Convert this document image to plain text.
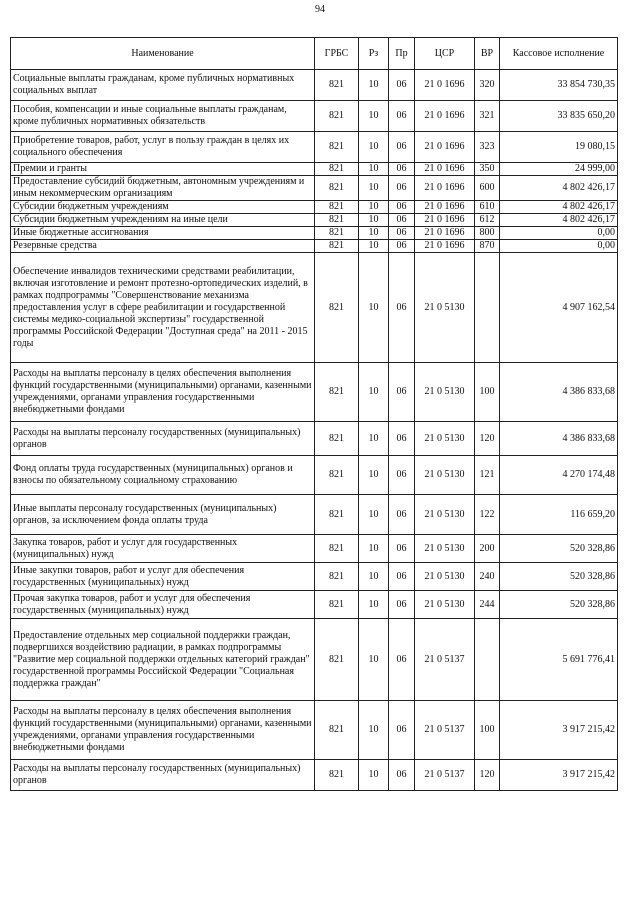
94
Наименование	ГРБС	Рз	Пр	ЦСР	ВР	Кассовое исполнение
Социальные выплаты гражданам, кроме публичных нормативных социальных выплат	821	10	06	21 0 1696	320	33 854 730,35
Пособия, компенсации и иные социальные выплаты гражданам, кроме публичных нормативных обязательств	821	10	06	21 0 1696	321	33 835 650,20
Приобретение товаров, работ, услуг в пользу граждан в целях их социального обеспечения	821	10	06	21 0 1696	323	19 080,15
Премии и гранты	821	10	06	21 0 1696	350	24 999,00
Предоставление субсидий бюджетным, автономным учреждениям и иным некоммерческим организациям	821	10	06	21 0 1696	600	4 802 426,17
Субсидии бюджетным учреждениям	821	10	06	21 0 1696	610	4 802 426,17
Субсидии бюджетным учреждениям на иные цели	821	10	06	21 0 1696	612	4 802 426,17
Иные бюджетные ассигнования	821	10	06	21 0 1696	800	0,00
Резервные средства	821	10	06	21 0 1696	870	0,00
Обеспечение инвалидов техническими средствами реабилитации, включая изготовление и ремонт протезно-ортопедических изделий, в рамках подпрограммы "Совершенствование механизма предоставления услуг в сфере реабилитации и государственной системы медико-социальной экспертизы" государственной программы Российской Федерации "Доступная среда" на 2011 - 2015 годы	821	10	06	21 0 5130		4 907 162,54
Расходы на выплаты персоналу в целях обеспечения выполнения функций государственными (муниципальными) органами, казенными учреждениями, органами управления государственными внебюджетными фондами	821	10	06	21 0 5130	100	4 386 833,68
Расходы на выплаты персоналу государственных (муниципальных) органов	821	10	06	21 0 5130	120	4 386 833,68
Фонд оплаты труда государственных (муниципальных) органов и взносы по обязательному социальному страхованию	821	10	06	21 0 5130	121	4 270 174,48
Иные выплаты персоналу государственных (муниципальных) органов, за исключением фонда оплаты труда	821	10	06	21 0 5130	122	116 659,20
Закупка товаров, работ и услуг для государственных (муниципальных) нужд	821	10	06	21 0 5130	200	520 328,86
Иные закупки товаров, работ и услуг для обеспечения государственных (муниципальных) нужд	821	10	06	21 0 5130	240	520 328,86
Прочая закупка товаров, работ и услуг для обеспечения государственных (муниципальных) нужд	821	10	06	21 0 5130	244	520 328,86
Предоставление отдельных мер социальной поддержки граждан, подвергшихся воздействию радиации, в рамках подпрограммы "Развитие мер социальной поддержки отдельных категорий граждан" государственной программы Российской Федерации "Социальная поддержка граждан"	821	10	06	21 0 5137		5 691 776,41
Расходы на выплаты персоналу в целях обеспечения выполнения функций государственными (муниципальными) органами, казенными учреждениями, органами управления государственными внебюджетными фондами	821	10	06	21 0 5137	100	3 917 215,42
Расходы на выплаты персоналу государственных (муниципальных) органов	821	10	06	21 0 5137	120	3 917 215,42
